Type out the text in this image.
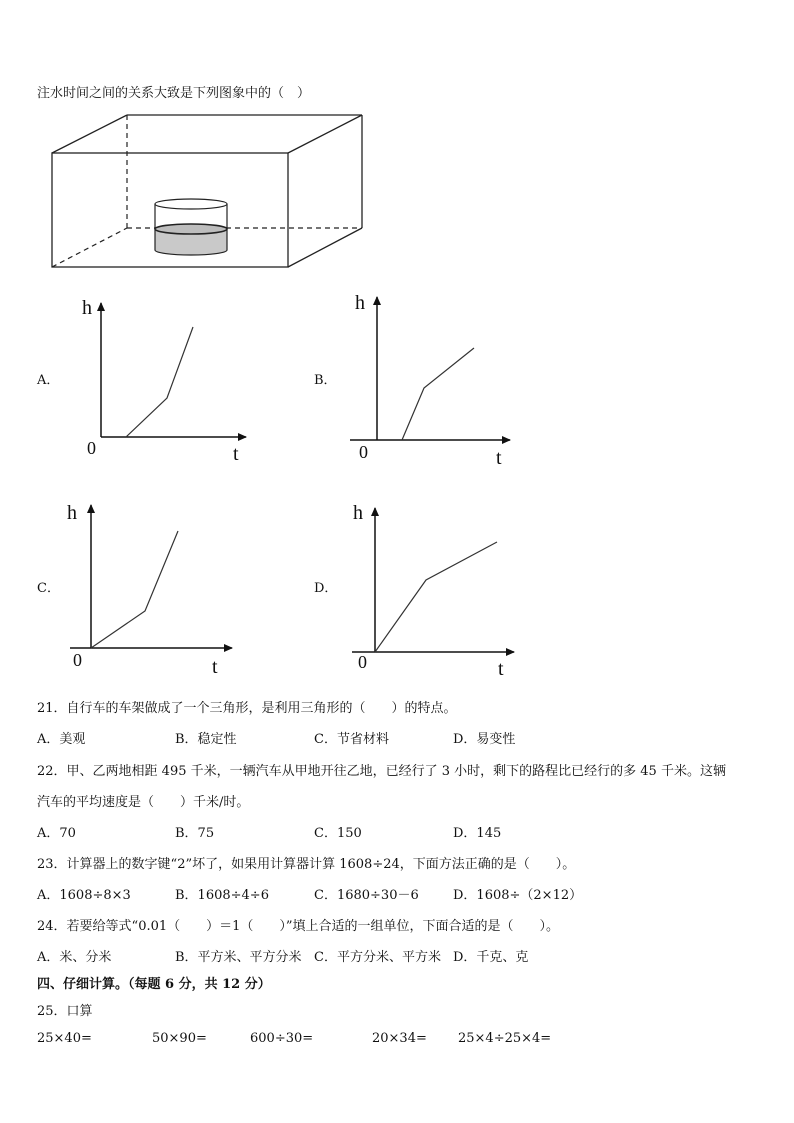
注水时间之间的关系大致是下列图象中的（　）
A．	B．
C．	D．
h
t
0
h
t
0
h
t
0
h
t
0
21．自行车的车架做成了一个三角形，是利用三角形的（　　）的特点。
A．美观	B．稳定性	C．节省材料	D．易变性
22．甲、乙两地相距 495 千米，一辆汽车从甲地开往乙地，已经行了 3 小时，剩下的路程比已经行的多 45 千米。这辆
汽车的平均速度是（　　）千米/时。
A．70	B．75	C．150	D．145
23．计算器上的数字键“2”坏了，如果用计算器计算 1608÷24，下面方法正确的是（　　）。
A．1608÷8×3	B．1608÷4÷6	C．1680÷30－6	D．1608÷（2×12）
24．若要给等式“0.01（　　）＝1（　　）”填上合适的一组单位，下面合适的是（　　）。
A．米、分米	B．平方米、平方分米 C．平方分米、平方米 D．千克、克
四、仔细计算。（每题 6 分，共 12 分）
25．口算
25×40=	50×90=	600÷30=	20×34= 25×4÷25×4=
